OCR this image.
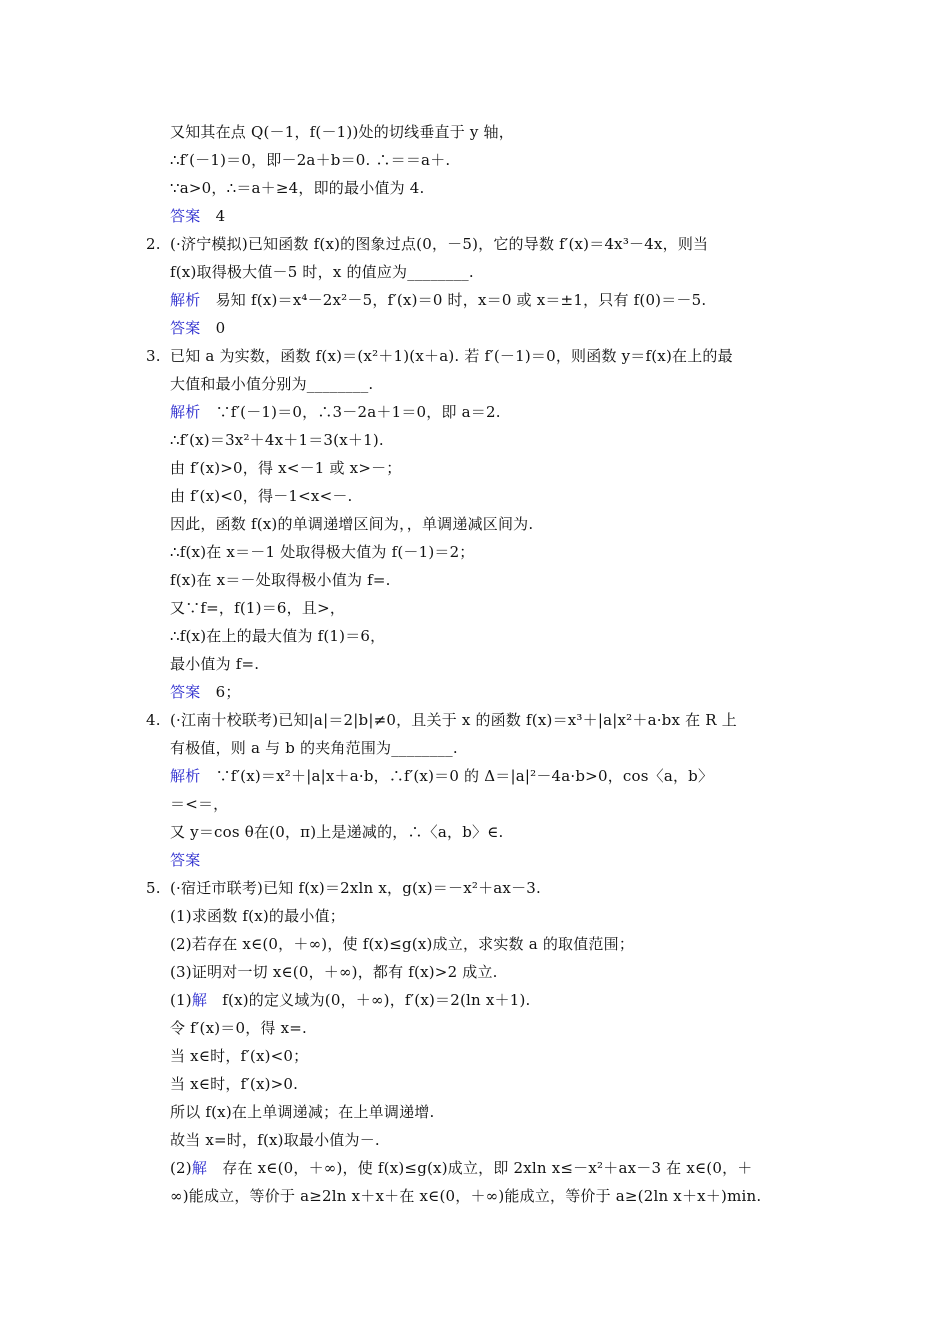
又知其在点 Q(－1，f(－1))处的切线垂直于 y 轴，
∴f′(－1)＝0，即－2a＋b＝0. ∴＝＝a＋.
∵a>0，∴＝a＋≥4，即的最小值为 4.
答案　4
2. (·济宁模拟)已知函数 f(x)的图象过点(0，－5)，它的导数 f′(x)＝4x³－4x，则当
f(x)取得极大值－5 时，x 的值应为________.
解析　易知 f(x)＝x⁴－2x²－5，f′(x)＝0 时，x＝0 或 x＝±1，只有 f(0)＝－5.
答案　0
3. 已知 a 为实数，函数 f(x)＝(x²＋1)(x＋a). 若 f′(－1)＝0，则函数 y＝f(x)在上的最
大值和最小值分别为________.
解析　∵f′(－1)＝0，∴3－2a＋1＝0，即 a＝2.
∴f′(x)＝3x²＋4x＋1＝3(x＋1).
由 f′(x)>0，得 x<－1 或 x>－；
由 f′(x)<0，得－1<x<－.
因此，函数 f(x)的单调递增区间为，，单调递减区间为.
∴f(x)在 x＝－1 处取得极大值为 f(－1)＝2；
f(x)在 x＝－处取得极小值为 f=.
又∵f=，f(1)＝6，且>，
∴f(x)在上的最大值为 f(1)＝6，
最小值为 f=.
答案　6；
4. (·江南十校联考)已知|a|＝2|b|≠0，且关于 x 的函数 f(x)＝x³＋|a|x²＋a·bx 在 R 上
有极值，则 a 与 b 的夹角范围为________.
解析　∵f′(x)＝x²＋|a|x＋a·b，∴f′(x)＝0 的 Δ＝|a|²－4a·b>0，cos〈a，b〉
＝<＝，
又 y＝cos θ在(0，π)上是递减的，∴〈a，b〉∈.
答案
5. (·宿迁市联考)已知 f(x)＝2xln x，g(x)＝－x²＋ax－3.
(1)求函数 f(x)的最小值；
(2)若存在 x∈(0，＋∞)，使 f(x)≤g(x)成立，求实数 a 的取值范围；
(3)证明对一切 x∈(0，＋∞)，都有 f(x)>2 成立.
(1)解　f(x)的定义域为(0，＋∞)，f′(x)＝2(ln x＋1).
令 f′(x)＝0，得 x=.
当 x∈时，f′(x)<0；
当 x∈时，f′(x)>0.
所以 f(x)在上单调递减；在上单调递增.
故当 x=时，f(x)取最小值为－.
(2)解　存在 x∈(0，＋∞)，使 f(x)≤g(x)成立，即 2xln x≤－x²＋ax－3 在 x∈(0，＋
∞)能成立，等价于 a≥2ln x＋x＋在 x∈(0，＋∞)能成立，等价于 a≥(2ln x＋x＋)min.
